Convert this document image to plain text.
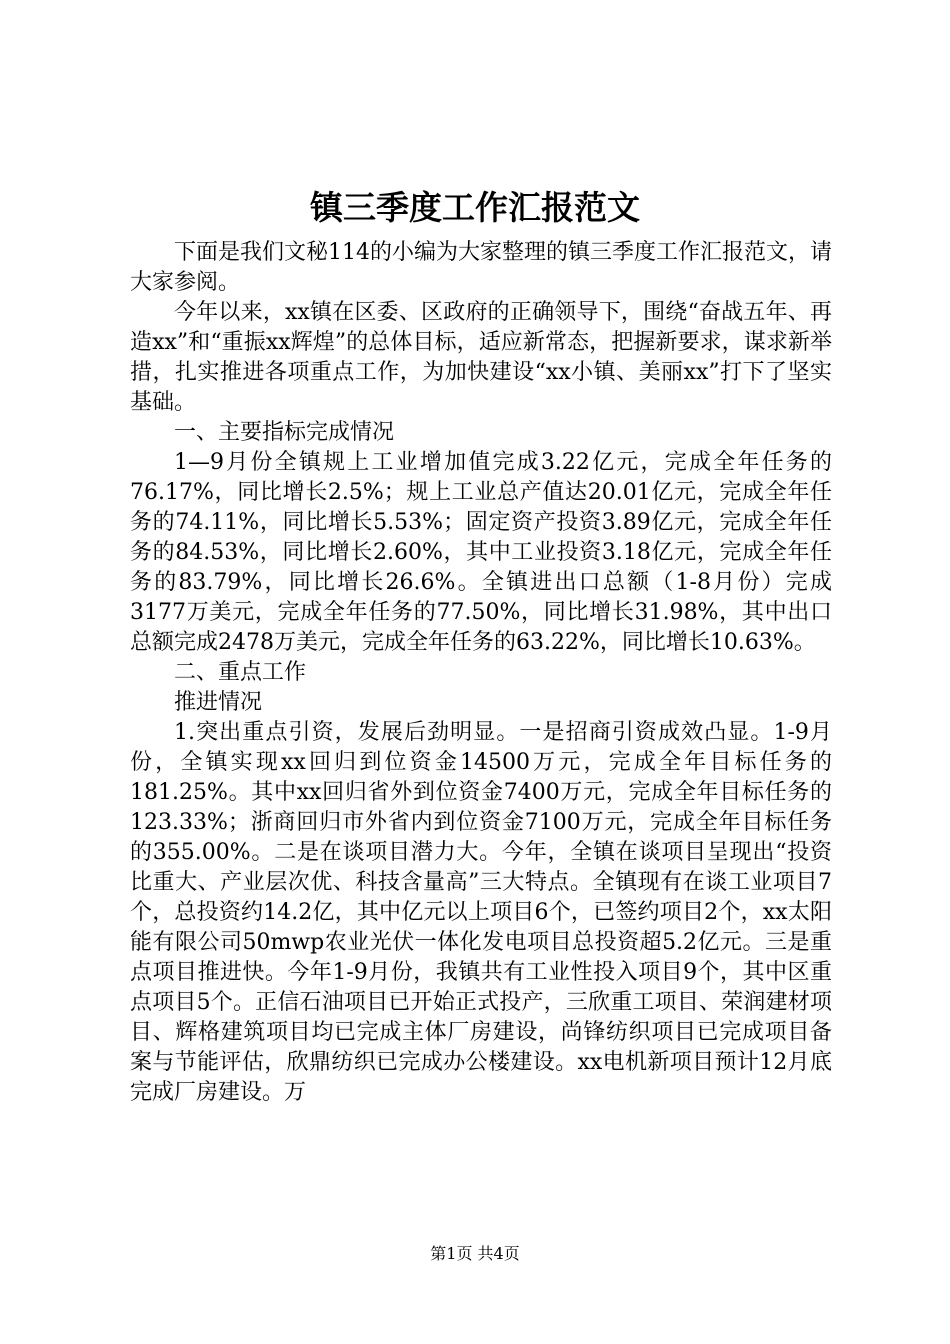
镇三季度工作汇报范文

下面是我们文秘114的小编为大家整理的镇三季度工作汇报范文，请大家参阅。

今年以来，xx镇在区委、区政府的正确领导下，围绕“奋战五年、再造xx”和“重振xx辉煌”的总体目标，适应新常态，把握新要求，谋求新举措，扎实推进各项重点工作，为加快建设“xx小镇、美丽xx”打下了坚实基础。

一、主要指标完成情况

1—9月份全镇规上工业增加值完成3.22亿元，完成全年任务的76.17%，同比增长2.5%；规上工业总产值达20.01亿元，完成全年任务的74.11%，同比增长5.53%；固定资产投资3.89亿元，完成全年任务的84.53%，同比增长2.60%，其中工业投资3.18亿元，完成全年任务的83.79%，同比增长26.6%。全镇进出口总额（1-8月份）完成3177万美元，完成全年任务的77.50%，同比增长31.98%，其中出口总额完成2478万美元，完成全年任务的63.22%，同比增长10.63%。

二、重点工作

推进情况

1.突出重点引资，发展后劲明显。一是招商引资成效凸显。1-9月份，全镇实现xx回归到位资金14500万元，完成全年目标任务的181.25%。其中xx回归省外到位资金7400万元，完成全年目标任务的123.33%；浙商回归市外省内到位资金7100万元，完成全年目标任务的355.00%。二是在谈项目潜力大。今年，全镇在谈项目呈现出“投资比重大、产业层次优、科技含量高”三大特点。全镇现有在谈工业项目7个，总投资约14.2亿，其中亿元以上项目6个，已签约项目2个，xx太阳能有限公司50mwp农业光伏一体化发电项目总投资超5.2亿元。三是重点项目推进快。今年1-9月份，我镇共有工业性投入项目9个，其中区重点项目5个。正信石油项目已开始正式投产，三欣重工项目、荣润建材项目、辉格建筑项目均已完成主体厂房建设，尚锋纺织项目已完成项目备案与节能评估，欣鼎纺织已完成办公楼建设。xx电机新项目预计12月底完成厂房建设。万

第1页 共4页
